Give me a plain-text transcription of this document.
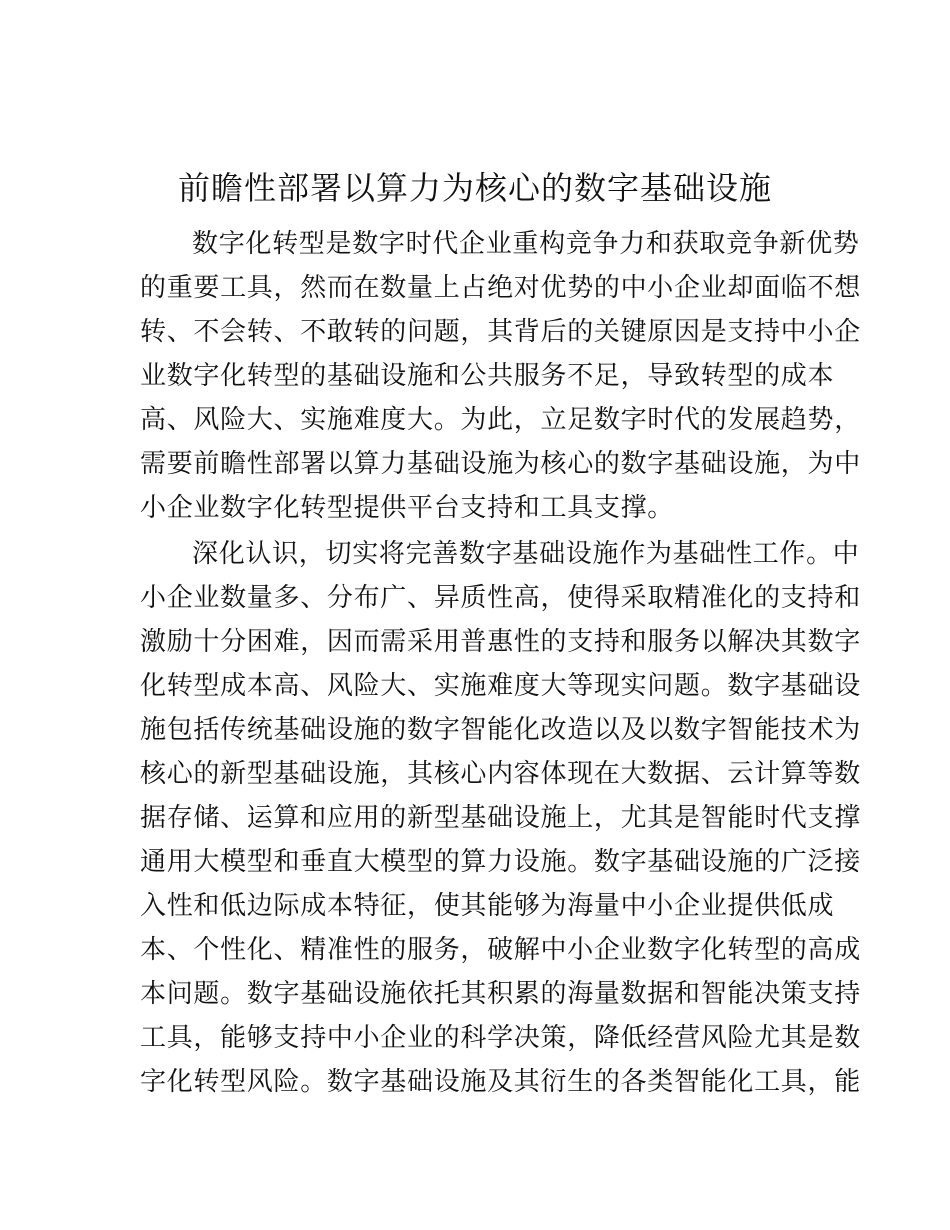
前瞻性部署以算力为核心的数字基础设施
数字化转型是数字时代企业重构竞争力和获取竞争新优势
的重要工具，然而在数量上占绝对优势的中小企业却面临不想
转、不会转、不敢转的问题，其背后的关键原因是支持中小企
业数字化转型的基础设施和公共服务不足，导致转型的成本
高、风险大、实施难度大。为此，立足数字时代的发展趋势，
需要前瞻性部署以算力基础设施为核心的数字基础设施，为中
小企业数字化转型提供平台支持和工具支撑。
深化认识，切实将完善数字基础设施作为基础性工作。中
小企业数量多、分布广、异质性高，使得采取精准化的支持和
激励十分困难，因而需采用普惠性的支持和服务以解决其数字
化转型成本高、风险大、实施难度大等现实问题。数字基础设
施包括传统基础设施的数字智能化改造以及以数字智能技术为
核心的新型基础设施，其核心内容体现在大数据、云计算等数
据存储、运算和应用的新型基础设施上，尤其是智能时代支撑
通用大模型和垂直大模型的算力设施。数字基础设施的广泛接
入性和低边际成本特征，使其能够为海量中小企业提供低成
本、个性化、精准性的服务，破解中小企业数字化转型的高成
本问题。数字基础设施依托其积累的海量数据和智能决策支持
工具，能够支持中小企业的科学决策，降低经营风险尤其是数
字化转型风险。数字基础设施及其衍生的各类智能化工具，能
